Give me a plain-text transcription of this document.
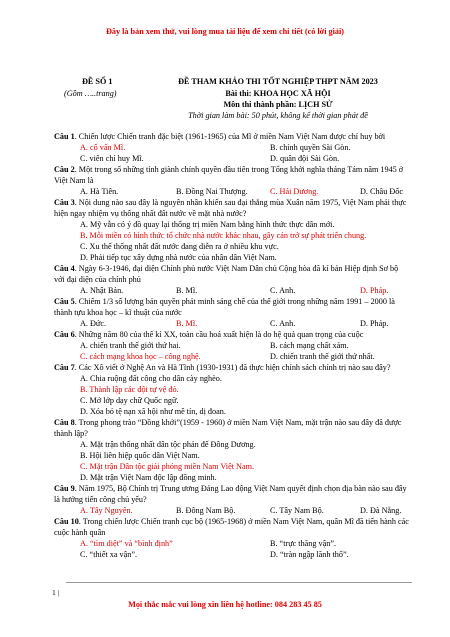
Đây là bản xem thử, vui lòng mua tài liệu để xem chi tiết (có lời giải)
ĐỀ SỐ 1
(Gồm …..trang)
ĐỀ THAM KHẢO THI TỐT NGHIỆP THPT NĂM 2023
Bài thi: KHOA HỌC XÃ HỘI
Môn thi thành phần: LỊCH SỬ
Thời gian làm bài: 50 phút, không kể thời gian phát đề
Câu 1. Chiến lược Chiến tranh đặc biệt (1961-1965) của Mĩ ở miền Nam Việt Nam được chỉ huy bởi
A. cố vấn Mĩ.	B. chính quyền Sài Gòn.
C. viên chỉ huy Mĩ.	D. quân đội Sài Gòn.
Câu 2. Một trong số những tỉnh giành chính quyền đầu tiên trong Tổng khởi nghĩa tháng Tám năm 1945 ở Việt Nam là
A. Hà Tiên.	B. Đồng Nai Thượng.	C. Hải Dương.	D. Châu Đốc
Câu 3. Nội dung nào sau đây là nguyên nhân khiến sau đại thắng mùa Xuân năm 1975, Việt Nam phải thực hiện ngay nhiệm vụ thống nhất đất nước về mặt nhà nước?
A. Mỹ vẫn có ý đồ quay lại thống trị miền Nam bằng hình thức thực dân mới.
B. Mỗi miền có hình thức tổ chức nhà nước khác nhau, gây cản trở sự phát triển chung.
C. Xu thế thống nhất đất nước đang diễn ra ở nhiều khu vực.
D. Phải tiếp tục xây dựng nhà nước của nhân dân Việt Nam.
Câu 4. Ngày 6-3-1946, đại diện Chính phủ nước Việt Nam Dân chủ Cộng hòa đã kí bản Hiệp định Sơ bộ với đại diện của chính phủ
A. Nhật Bản.	B. Mĩ.	C. Anh.	D. Pháp.
Câu 5. Chiếm 1/3 số lượng bản quyền phát minh sáng chế của thế giới trong những năm 1991 – 2000 là thành tựu khoa học – kĩ thuật của nước
A. Đức.	B. Mĩ.	C. Anh.	D. Pháp.
Câu 6. Những năm 80 của thế kỉ XX, toàn cầu hoá xuất hiện là do hệ quả quan trọng của cuộc
A. chiến tranh thế giới thứ hai.	B. cách mạng chất xám.
C. cách mạng khoa học – công nghệ.	D. chiến tranh thế giới thứ nhất.
Câu 7. Các Xô viết ở Nghệ An và Hà Tĩnh (1930-1931) đã thực hiện chính sách chính trị nào sau đây?
A. Chia ruộng đất công cho dân cày nghèo.
B. Thành lập các đội tự vệ đỏ.
C. Mở lớp dạy chữ Quốc ngữ.
D. Xóa bỏ tệ nạn xã hội như mê tín, dị đoan.
Câu 8. Trong phong trào “Đồng khởi”(1959 - 1960) ở miền Nam Việt Nam, mặt trận nào sau đây đã được thành lập?
A. Mặt trận thống nhất dân tộc phản đế Đông Dương.
B. Hội liên hiệp quốc dân Việt Nam.
C. Mặt trận Dân tộc giải phóng miền Nam Việt Nam.
D. Mặt trận Việt Nam độc lập đồng minh.
Câu 9. Năm 1975, Bộ Chính trị Trung ương Đảng Lao động Việt Nam quyết định chọn địa bàn nào sau đây là hướng tiến công chủ yếu?
A. Tây Nguyên.	B. Đông Nam Bộ.	C. Tây Nam Bộ.	D. Đà Nẵng.
Câu 10. Trong chiến lược Chiến tranh cục bộ (1965-1968) ở miền Nam Việt Nam, quân Mĩ đã tiến hành các cuộc hành quân
A. “tìm diệt” và “bình định”	B. “trực thăng vận”.
C. “thiết xa vận”.	D. “tràn ngập lãnh thổ”.
1 |
Mọi thắc mắc vui lòng xin liên hệ hotline: 084 283 45 85
